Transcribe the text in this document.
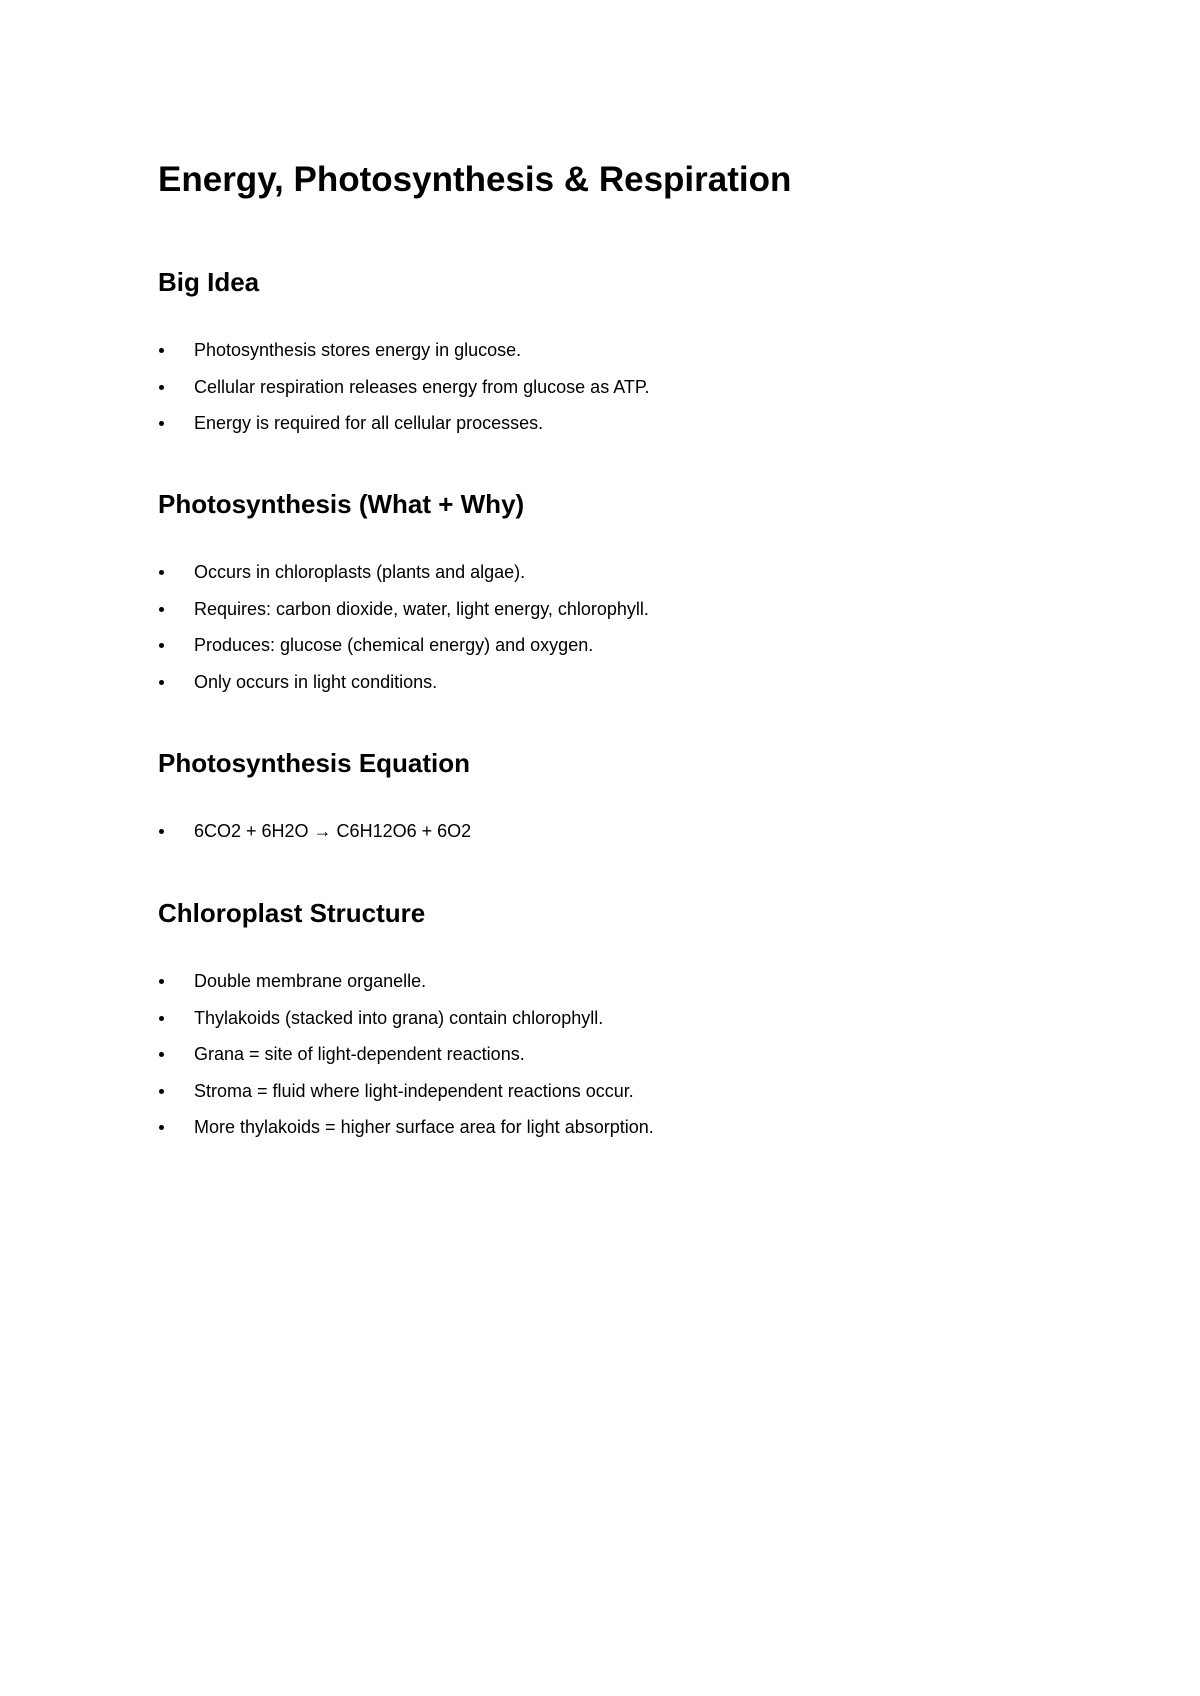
Energy, Photosynthesis & Respiration
Big Idea
Photosynthesis stores energy in glucose.
Cellular respiration releases energy from glucose as ATP.
Energy is required for all cellular processes.
Photosynthesis (What + Why)
Occurs in chloroplasts (plants and algae).
Requires: carbon dioxide, water, light energy, chlorophyll.
Produces: glucose (chemical energy) and oxygen.
Only occurs in light conditions.
Photosynthesis Equation
6CO2 + 6H2O → C6H12O6 + 6O2
Chloroplast Structure
Double membrane organelle.
Thylakoids (stacked into grana) contain chlorophyll.
Grana = site of light-dependent reactions.
Stroma = fluid where light-independent reactions occur.
More thylakoids = higher surface area for light absorption.
